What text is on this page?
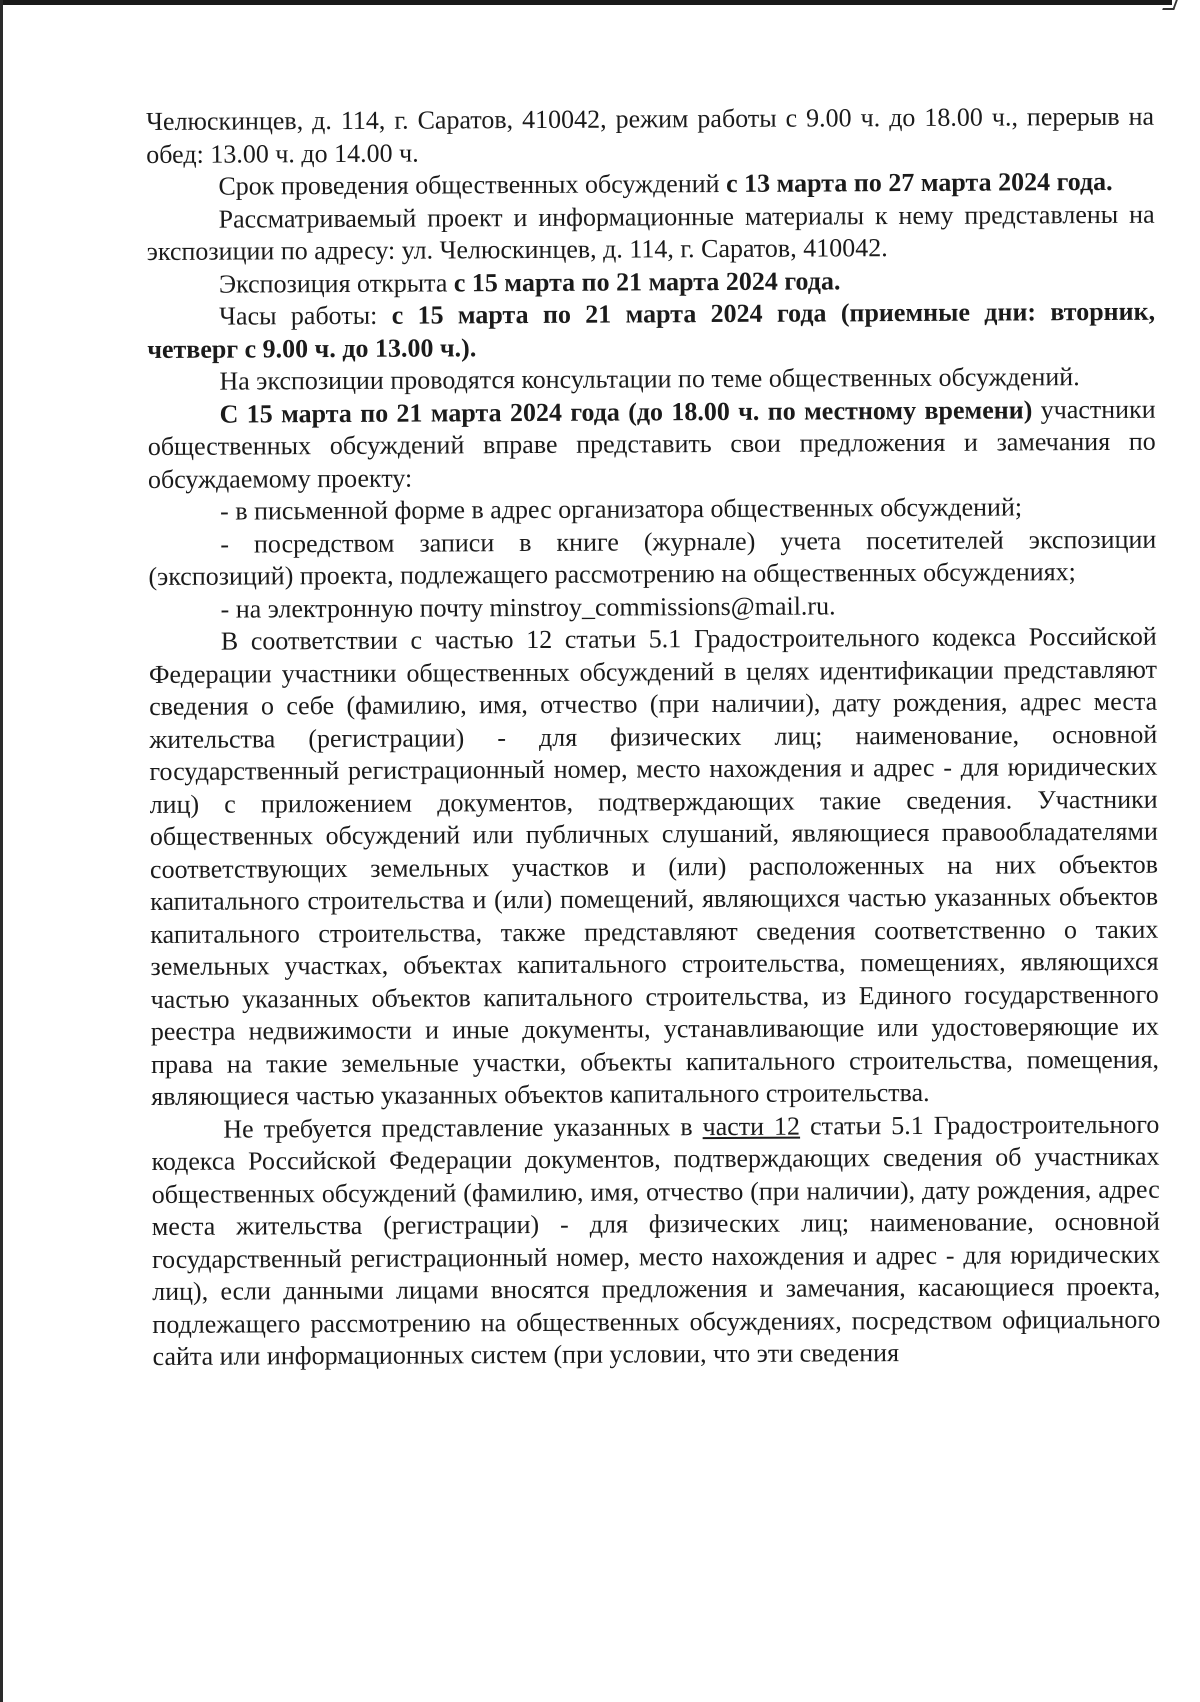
Челюскинцев, д. 114, г. Саратов, 410042, режим работы с 9.00 ч. до 18.00 ч., перерыв на обед: 13.00 ч. до 14.00 ч.

Срок проведения общественных обсуждений с 13 марта по 27 марта 2024 года.

Рассматриваемый проект и информационные материалы к нему представлены на экспозиции по адресу: ул. Челюскинцев, д. 114, г. Саратов, 410042.

Экспозиция открыта с 15 марта по 21 марта 2024 года.

Часы работы: с 15 марта по 21 марта 2024 года (приемные дни: вторник, четверг с 9.00 ч. до 13.00 ч.).

На экспозиции проводятся консультации по теме общественных обсуждений.

С 15 марта по 21 марта 2024 года (до 18.00 ч. по местному времени) участники общественных обсуждений вправе представить свои предложения и замечания по обсуждаемому проекту:

- в письменной форме в адрес организатора общественных обсуждений;

- посредством записи в книге (журнале) учета посетителей экспозиции (экспозиций) проекта, подлежащего рассмотрению на общественных обсуждениях;

- на электронную почту minstroy_commissions@mail.ru.

В соответствии с частью 12 статьи 5.1 Градостроительного кодекса Российской Федерации участники общественных обсуждений в целях идентификации представляют сведения о себе (фамилию, имя, отчество (при наличии), дату рождения, адрес места жительства (регистрации) - для физических лиц; наименование, основной государственный регистрационный номер, место нахождения и адрес - для юридических лиц) с приложением документов, подтверждающих такие сведения. Участники общественных обсуждений или публичных слушаний, являющиеся правообладателями соответствующих земельных участков и (или) расположенных на них объектов капитального строительства и (или) помещений, являющихся частью указанных объектов капитального строительства, также представляют сведения соответственно о таких земельных участках, объектах капитального строительства, помещениях, являющихся частью указанных объектов капитального строительства, из Единого государственного реестра недвижимости и иные документы, устанавливающие или удостоверяющие их права на такие земельные участки, объекты капитального строительства, помещения, являющиеся частью указанных объектов капитального строительства.

Не требуется представление указанных в части 12 статьи 5.1 Градостроительного кодекса Российской Федерации документов, подтверждающих сведения об участниках общественных обсуждений (фамилию, имя, отчество (при наличии), дату рождения, адрес места жительства (регистрации) - для физических лиц; наименование, основной государственный регистрационный номер, место нахождения и адрес - для юридических лиц), если данными лицами вносятся предложения и замечания, касающиеся проекта, подлежащего рассмотрению на общественных обсуждениях, посредством официального сайта или информационных систем (при условии, что эти сведения
